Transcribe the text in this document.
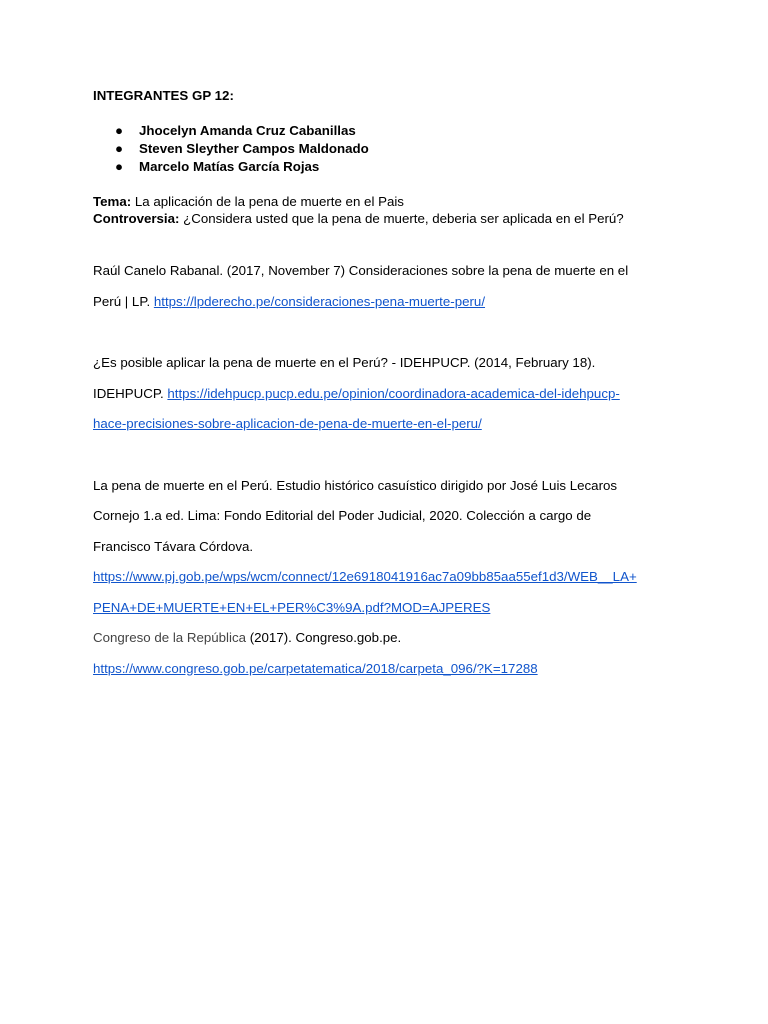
INTEGRANTES GP 12:
● Jhocelyn Amanda Cruz Cabanillas
● Steven Sleyther Campos Maldonado
● Marcelo Matías García Rojas
Tema: La aplicación de la pena de muerte en el Pais
Controversia: ¿Considera usted que la pena de muerte, deberia ser aplicada en el Perú?
Raúl Canelo Rabanal. (2017, November 7) Consideraciones sobre la pena de muerte en el
Perú | LP. https://lpderecho.pe/consideraciones-pena-muerte-peru/
¿Es posible aplicar la pena de muerte en el Perú? - IDEHPUCP. (2014, February 18).
IDEHPUCP. https://idehpucp.pucp.edu.pe/opinion/coordinadora-academica-del-idehpucp-
hace-precisiones-sobre-aplicacion-de-pena-de-muerte-en-el-peru/
La pena de muerte en el Perú. Estudio histórico casuístico dirigido por José Luis Lecaros
Cornejo 1.a ed. Lima: Fondo Editorial del Poder Judicial, 2020. Colección a cargo de
Francisco Távara Córdova.
https://www.pj.gob.pe/wps/wcm/connect/12e6918041916ac7a09bb85aa55ef1d3/WEB__LA+
PENA+DE+MUERTE+EN+EL+PER%C3%9A.pdf?MOD=AJPERES
Congreso de la República (2017). Congreso.gob.pe.
https://www.congreso.gob.pe/carpetatematica/2018/carpeta_096/?K=17288
